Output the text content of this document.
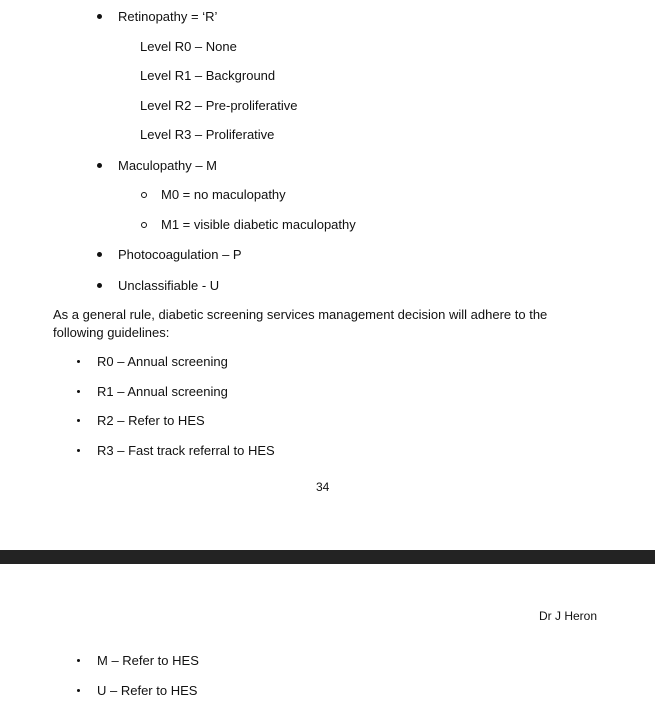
Retinopathy = ‘R’
Level R0 – None
Level R1 – Background
Level R2 – Pre-proliferative
Level R3 – Proliferative
Maculopathy – M
M0 = no maculopathy
M1 = visible diabetic maculopathy
Photocoagulation – P
Unclassifiable - U
As a general rule, diabetic screening services management decision will adhere to the
following guidelines:
R0 – Annual screening
R1 – Annual screening
R2 – Refer to HES
R3 – Fast track referral to HES
34
Dr J Heron
M – Refer to HES
U – Refer to HES
